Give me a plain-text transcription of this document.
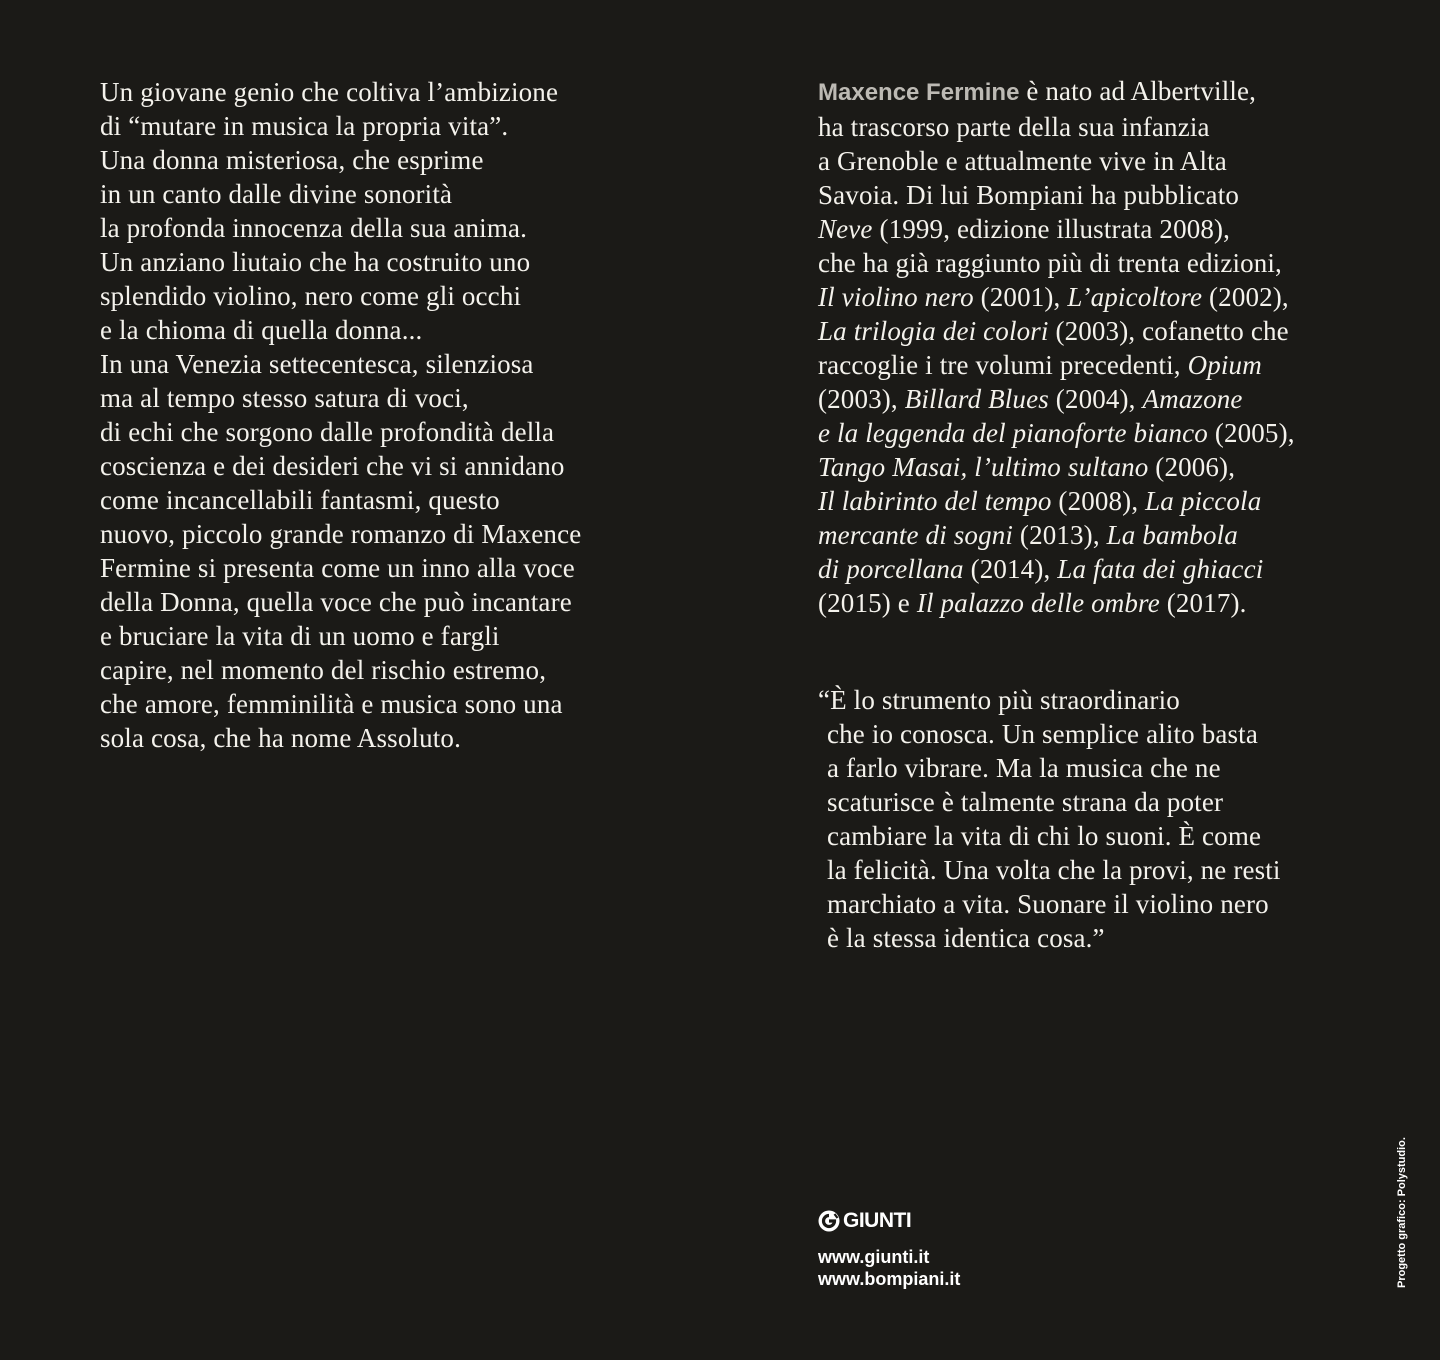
Un giovane genio che coltiva l’ambizione
di “mutare in musica la propria vita”.
Una donna misteriosa, che esprime
in un canto dalle divine sonorità
la profonda innocenza della sua anima.
Un anziano liutaio che ha costruito uno
splendido violino, nero come gli occhi
e la chioma di quella donna...
In una Venezia settecentesca, silenziosa
ma al tempo stesso satura di voci,
di echi che sorgono dalle profondità della
coscienza e dei desideri che vi si annidano
come incancellabili fantasmi, questo
nuovo, piccolo grande romanzo di Maxence
Fermine si presenta come un inno alla voce
della Donna, quella voce che può incantare
e bruciare la vita di un uomo e fargli
capire, nel momento del rischio estremo,
che amore, femminilità e musica sono una
sola cosa, che ha nome Assoluto.
Maxence Fermine è nato ad Albertville,
ha trascorso parte della sua infanzia
a Grenoble e attualmente vive in Alta
Savoia. Di lui Bompiani ha pubblicato
Neve (1999, edizione illustrata 2008),
che ha già raggiunto più di trenta edizioni,
Il violino nero (2001), L’apicoltore (2002),
La trilogia dei colori (2003), cofanetto che
raccoglie i tre volumi precedenti, Opium
(2003), Billard Blues (2004), Amazone
e la leggenda del pianoforte bianco (2005),
Tango Masai, l’ultimo sultano (2006),
Il labirinto del tempo (2008), La piccola
mercante di sogni (2013), La bambola
di porcellana (2014), La fata dei ghiacci
(2015) e Il palazzo delle ombre (2017).
“È lo strumento più straordinario
che io conosca. Un semplice alito basta
a farlo vibrare. Ma la musica che ne
scaturisce è talmente strana da poter
cambiare la vita di chi lo suoni. È come
la felicità. Una volta che la provi, ne resti
marchiato a vita. Suonare il violino nero
è la stessa identica cosa.”
GIUNTI
www.giunti.it
www.bompiani.it	Progetto grafico: Polystudio.
